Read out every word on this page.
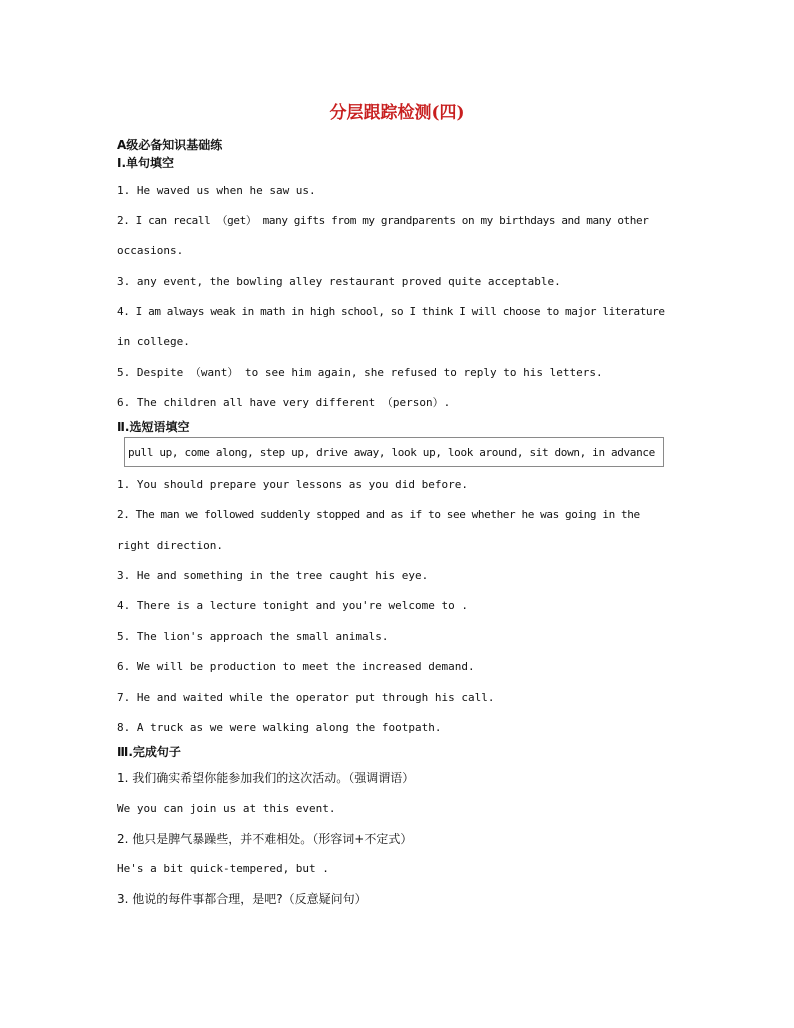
分层跟踪检测(四)
A级必备知识基础练
Ⅰ.单句填空
1. He waved us when he saw us.
2. I can recall （get） many gifts from my grandparents on my birthdays and many other
occasions.
3. any event, the bowling alley restaurant proved quite acceptable.
4. I am always weak in math in high school, so I think I will choose to major literature
in college.
5. Despite （want） to see him again, she refused to reply to his letters.
6. The children all have very different （person）.
Ⅱ.选短语填空
pull up, come along, step up, drive away, look up, look around, sit down, in advance
1. You should prepare your lessons as you did before.
2. The man we followed suddenly stopped and as if to see whether he was going in the
right direction.
3. He and something in the tree caught his eye.
4. There is a lecture tonight and you're welcome to .
5. The lion's approach the small animals.
6. We will be production to meet the increased demand.
7. He and waited while the operator put through his call.
8. A truck as we were walking along the footpath.
Ⅲ.完成句子
1. 我们确实希望你能参加我们的这次活动。（强调谓语）
We you can join us at this event.
2. 他只是脾气暴躁些，并不难相处。（形容词+不定式）
He's a bit quick-tempered, but .
3. 他说的每件事都合理，是吧?（反意疑问句）
